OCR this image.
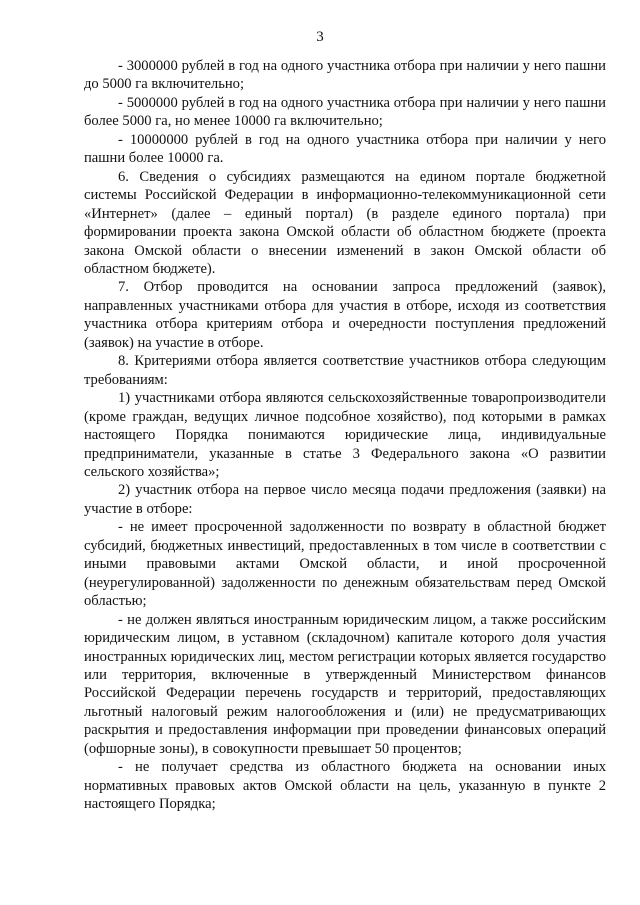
3

- 3000000 рублей в год на одного участника отбора при наличии у него пашни до 5000 га включительно;

- 5000000 рублей в год на одного участника отбора при наличии у него пашни более 5000 га, но менее 10000 га включительно;

- 10000000 рублей в год на одного участника отбора при наличии у него пашни более 10000 га.

6. Сведения о субсидиях размещаются на едином портале бюджетной системы Российской Федерации в информационно-телекоммуникационной сети «Интернет» (далее – единый портал) (в разделе единого портала) при формировании проекта закона Омской области об областном бюджете (проекта закона Омской области о внесении изменений в закон Омской области об областном бюджете).

7. Отбор проводится на основании запроса предложений (заявок), направленных участниками отбора для участия в отборе, исходя из соответствия участника отбора критериям отбора и очередности поступления предложений (заявок) на участие в отборе.

8. Критериями отбора является соответствие участников отбора следующим требованиям:

1) участниками отбора являются сельскохозяйственные товаропроизводители (кроме граждан, ведущих личное подсобное хозяйство), под которыми в рамках настоящего Порядка понимаются юридические лица, индивидуальные предприниматели, указанные в статье 3 Федерального закона «О развитии сельского хозяйства»;

2) участник отбора на первое число месяца подачи предложения (заявки) на участие в отборе:

- не имеет просроченной задолженности по возврату в областной бюджет субсидий, бюджетных инвестиций, предоставленных в том числе в соответствии с иными правовыми актами Омской области, и иной просроченной (неурегулированной) задолженности по денежным обязательствам перед Омской областью;

- не должен являться иностранным юридическим лицом, а также российским юридическим лицом, в уставном (складочном) капитале которого доля участия иностранных юридических лиц, местом регистрации которых является государство или территория, включенные в утвержденный Министерством финансов Российской Федерации перечень государств и территорий, предоставляющих льготный налоговый режим налогообложения и (или) не предусматривающих раскрытия и предоставления информации при проведении финансовых операций (офшорные зоны), в совокупности превышает 50 процентов;

- не получает средства из областного бюджета на основании иных нормативных правовых актов Омской области на цель, указанную в пункте 2 настоящего Порядка;
